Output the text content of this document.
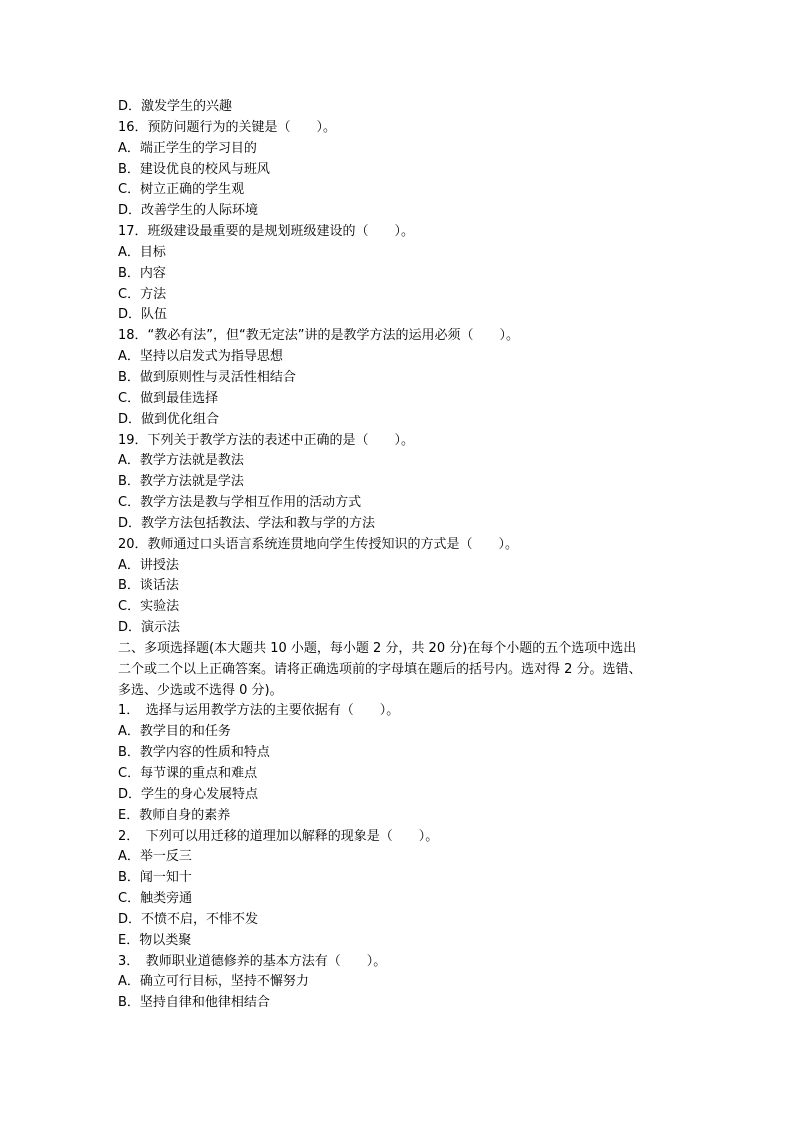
D．激发学生的兴趣
16．预防问题行为的关键是（　　）。
A．端正学生的学习目的
B．建设优良的校风与班风
C．树立正确的学生观
D．改善学生的人际环境
17．班级建设最重要的是规划班级建设的（　　）。
A．目标
B．内容
C．方法
D．队伍
18．“教必有法”，但“教无定法”讲的是教学方法的运用必须（　　）。
A．坚持以启发式为指导思想
B．做到原则性与灵活性相结合
C．做到最佳选择
D．做到优化组合
19．下列关于教学方法的表述中正确的是（　　）。
A．教学方法就是教法
B．教学方法就是学法
C．教学方法是教与学相互作用的活动方式
D．教学方法包括教法、学法和教与学的方法
20．教师通过口头语言系统连贯地向学生传授知识的方式是（　　）。
A．讲授法
B．谈话法
C．实验法
D．演示法
二、多项选择题(本大题共 10 小题，每小题 2 分，共 20 分)在每个小题的五个选项中选出
二个或二个以上正确答案。请将正确选项前的字母填在题后的括号内。选对得 2 分。选错、
多选、少选或不选得 0 分)。
1．　选择与运用教学方法的主要依据有（　　）。
A．教学目的和任务
B．教学内容的性质和特点
C．每节课的重点和难点
D．学生的身心发展特点
E．教师自身的素养
2．　下列可以用迁移的道理加以解释的现象是（　　）。
A．举一反三
B．闻一知十
C．触类旁通
D．不愤不启，不悱不发
E．物以类聚
3．　教师职业道德修养的基本方法有（　　）。
A．确立可行目标，坚持不懈努力
B．坚持自律和他律相结合
